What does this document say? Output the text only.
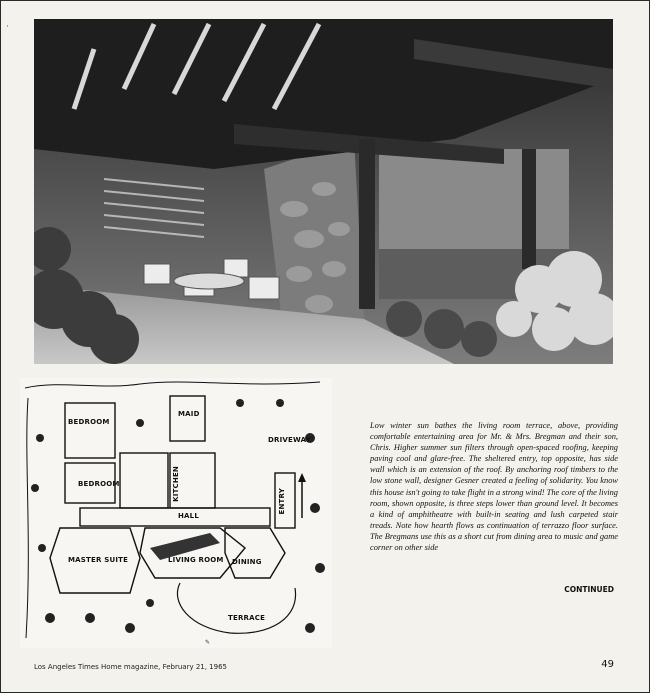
·
✎
BEDROOM
BEDROOM
MAID
DRIVEWAY
KITCHEN
HALL
ENTRY
MASTER SUITE	LIVING ROOM DINING
TERRACE
Low winter sun bathes the living room terrace, above, providing comfortable entertaining area for Mr. & Mrs. Bregman and their son, Chris. Higher summer sun filters through open-spaced roofing, keeping paving cool and glare-free. The sheltered entry, top opposite, has side wall which is an extension of the roof. By anchoring roof timbers to the low stone wall, designer Gesner created a feeling of solidarity. You know this house isn't going to take flight in a strong wind! The core of the living room, shown opposite, is three steps lower than ground level. It becomes a kind of amphitheatre with built-in seating and lush carpeted stair treads. Note how hearth flows as continuation of terrazzo floor surface. The Bregmans use this as a short cut from dining area to music and game corner on other side
CONTINUED
Los Angeles Times Home magazine, February 21, 1965	49
